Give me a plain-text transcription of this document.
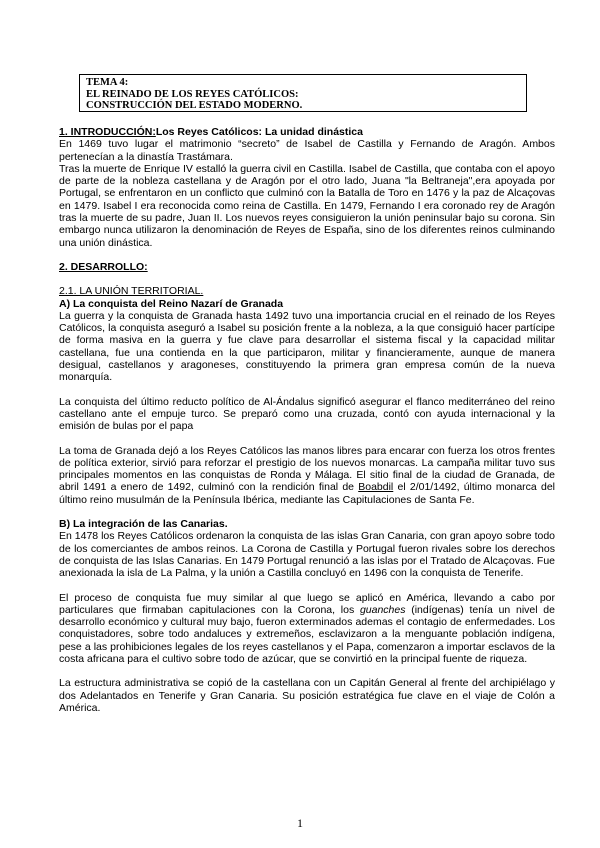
TEMA 4:
EL REINADO DE LOS REYES CATÓLICOS:
CONSTRUCCIÓN DEL ESTADO MODERNO.

1. INTRODUCCIÓN:Los Reyes Católicos: La unidad dinástica

En 1469 tuvo lugar el matrimonio “secreto” de Isabel de Castilla y Fernando de Aragón. Ambos pertenecían a la dinastía Trastámara.

Tras la muerte de Enrique IV estalló la guerra civil en Castilla. Isabel de Castilla, que contaba con el apoyo de parte de la nobleza castellana y de Aragón por el otro lado, Juana "la Beltraneja",era apoyada por Portugal, se enfrentaron en un conflicto que culminó con la Batalla de Toro en 1476 y la paz de Alcaçovas en 1479. Isabel I era reconocida como reina de Castilla. En 1479, Fernando I era coronado rey de Aragón tras la muerte de su padre, Juan II. Los nuevos reyes consiguieron la unión peninsular bajo su corona. Sin embargo nunca utilizaron la denominación de Reyes de España, sino de los diferentes reinos culminando una unión dinástica.

2. DESARROLLO:

2.1. LA UNIÓN TERRITORIAL.

A) La conquista del Reino Nazarí de Granada

La guerra y la conquista de Granada hasta 1492 tuvo una importancia crucial en el reinado de los Reyes Católicos, la conquista aseguró a Isabel su posición frente a la nobleza, a la que consiguió hacer partícipe de forma masiva en la guerra y fue clave para desarrollar el sistema fiscal y la capacidad militar castellana, fue una contienda en la que participaron, militar y financieramente, aunque de manera desigual, castellanos y aragoneses, constituyendo la primera gran empresa común de la nueva monarquía.

La conquista del último reducto político de Al-Ándalus significó asegurar el flanco mediterráneo del reino castellano ante el empuje turco. Se preparó como una cruzada, contó con ayuda internacional y la emisión de bulas por el papa

La toma de Granada dejó a los Reyes Católicos las manos libres para encarar con fuerza los otros frentes de política exterior, sirvió para reforzar el prestigio de los nuevos monarcas. La campaña militar tuvo sus principales momentos en las conquistas de Ronda y Málaga. El sitio final de la ciudad de Granada, de abril 1491 a enero de 1492, culminó con la rendición final de Boabdil el 2/01/1492, último monarca del último reino musulmán de la Península Ibérica, mediante las Capitulaciones de Santa Fe.

B) La integración de las Canarias.

En 1478 los Reyes Católicos ordenaron la conquista de las islas Gran Canaria, con gran apoyo sobre todo de los comerciantes de ambos reinos. La Corona de Castilla y Portugal fueron rivales sobre los derechos de conquista de las Islas Canarias. En 1479 Portugal renunció a las islas por el Tratado de Alcaçovas. Fue anexionada la isla de La Palma, y la unión a Castilla concluyó en 1496 con la conquista de Tenerife.

El proceso de conquista fue muy similar al que luego se aplicó en América, llevando a cabo por particulares que firmaban capitulaciones con la Corona, los guanches (indígenas) tenía un nivel de desarrollo económico y cultural muy bajo, fueron exterminados ademas el contagio de enfermedades. Los conquistadores, sobre todo andaluces y extremeños, esclavizaron a la menguante población indígena, pese a las prohibiciones legales de los reyes castellanos y el Papa, comenzaron a importar esclavos de la costa africana para el cultivo sobre todo de azúcar, que se convirtió en la principal fuente de riqueza.

La estructura administrativa se copió de la castellana con un Capitán General al frente del archipiélago y dos Adelantados en Tenerife y Gran Canaria. Su posición estratégica fue clave en el viaje de Colón a América.

1
